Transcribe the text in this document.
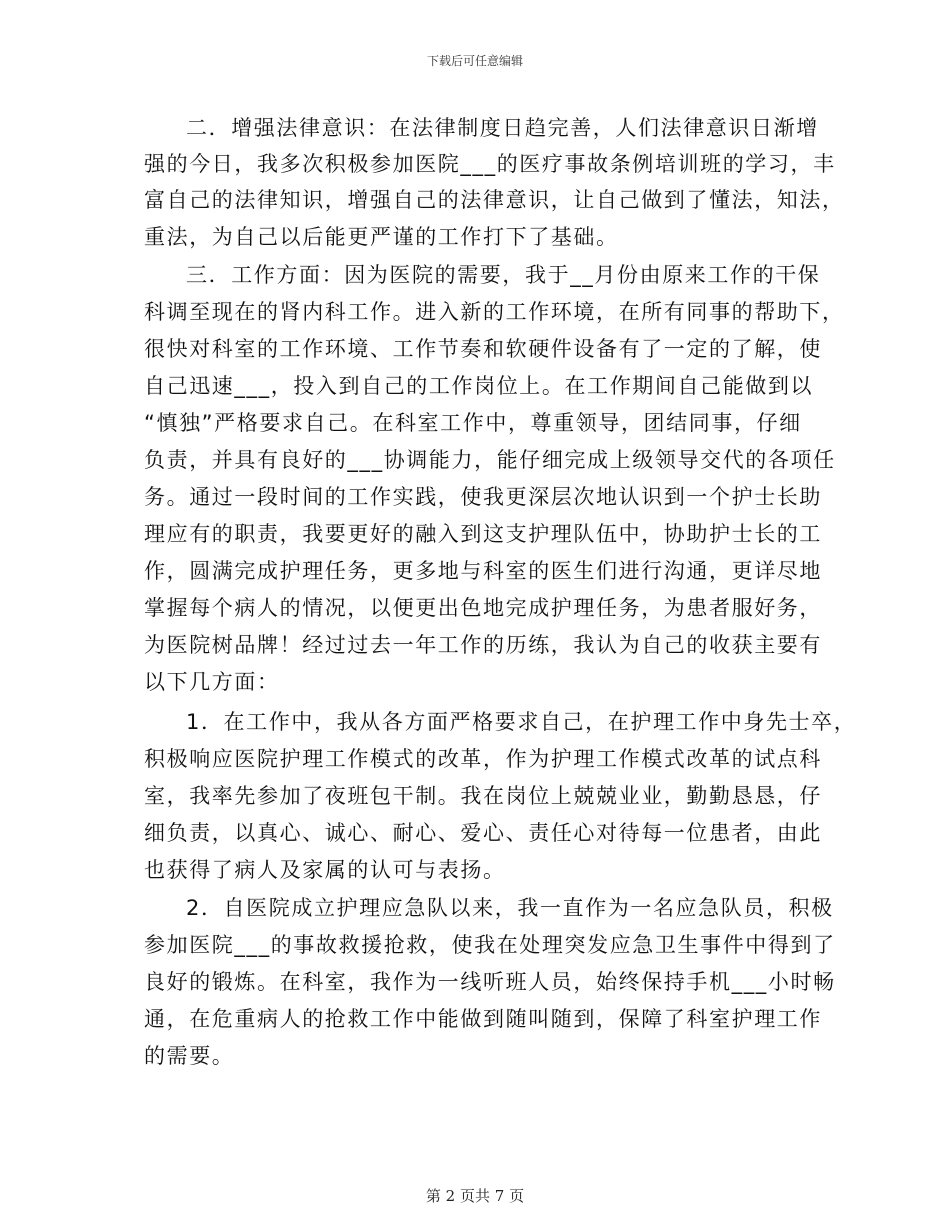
下载后可任意编辑
二．增强法律意识：在法律制度日趋完善，人们法律意识日渐增
强的今日，我多次积极参加医院___的医疗事故条例培训班的学习，丰
富自己的法律知识，增强自己的法律意识，让自己做到了懂法，知法，
重法，为自己以后能更严谨的工作打下了基础。
三．工作方面：因为医院的需要，我于__月份由原来工作的干保
科调至现在的肾内科工作。进入新的工作环境，在所有同事的帮助下，
很快对科室的工作环境、工作节奏和软硬件设备有了一定的了解，使
自己迅速___，投入到自己的工作岗位上。在工作期间自己能做到以
“慎独”严格要求自己。在科室工作中，尊重领导，团结同事，仔细
负责，并具有良好的___协调能力，能仔细完成上级领导交代的各项任
务。通过一段时间的工作实践，使我更深层次地认识到一个护士长助
理应有的职责，我要更好的融入到这支护理队伍中，协助护士长的工
作，圆满完成护理任务，更多地与科室的医生们进行沟通，更详尽地
掌握每个病人的情况，以便更出色地完成护理任务，为患者服好务，
为医院树品牌！经过过去一年工作的历练，我认为自己的收获主要有
以下几方面：
1．在工作中，我从各方面严格要求自己，在护理工作中身先士卒，
积极响应医院护理工作模式的改革，作为护理工作模式改革的试点科
室，我率先参加了夜班包干制。我在岗位上兢兢业业，勤勤恳恳，仔
细负责，以真心、诚心、耐心、爱心、责任心对待每一位患者，由此
也获得了病人及家属的认可与表扬。
2．自医院成立护理应急队以来，我一直作为一名应急队员，积极
参加医院___的事故救援抢救，使我在处理突发应急卫生事件中得到了
良好的锻炼。在科室，我作为一线听班人员，始终保持手机___小时畅
通，在危重病人的抢救工作中能做到随叫随到，保障了科室护理工作
的需要。
第 2 页共 7 页
